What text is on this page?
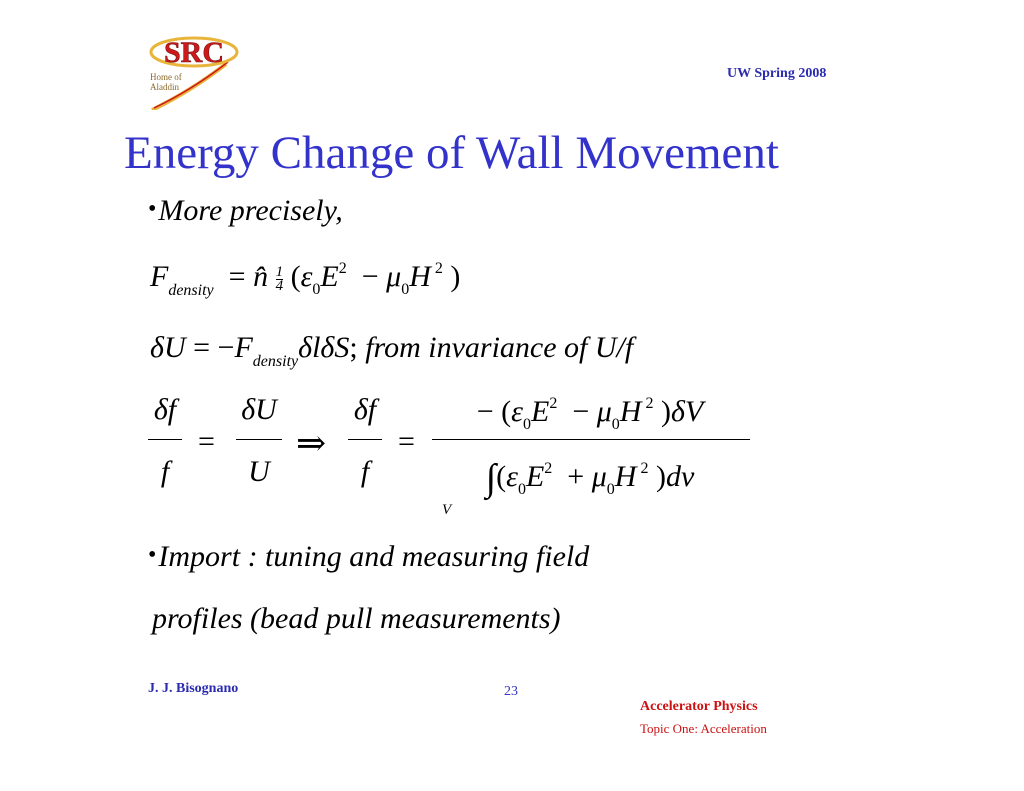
SRC
Home of
Aladdin
UW Spring 2008
Energy Change of Wall Movement
•More precisely,
$F_{density}$  = n̂ $\frac{1}{4} (\varepsilon_0E^2 - \mu_0H$ $^2$ )
$\delta U = -F_{density}\delta l\delta S$; from invariance of U/f
δf
f
=
δU
U
⇒
δf
f
=
− ($\varepsilon_0E^2 - \mu_0H$ $^2$ )δV
$\int(\varepsilon_0E^2 + \mu_0H$ $^2$ )dv
V
•Import : tuning and measuring field
profiles (bead pull measurements)
J. J. Bisognano	23
Accelerator Physics
Topic One: Acceleration
